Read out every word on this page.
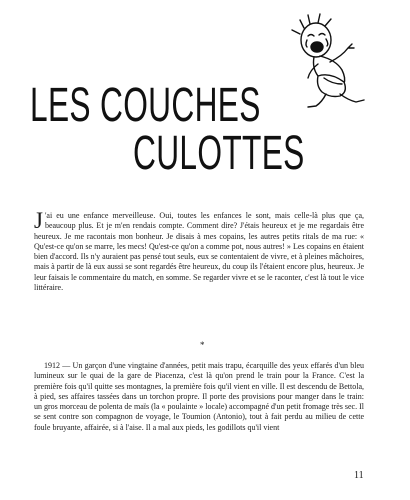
LES COUCHES
CULOTTES

J 'ai eu une enfance merveilleuse. Oui, toutes les enfances le sont, mais celle-là plus que ça, beaucoup plus. Et je m'en rendais compte. Comment dire? J'étais heureux et je me regardais être heureux. Je me racontais mon bonheur. Je disais à mes copains, les autres petits ritals de ma rue: « Qu'est-ce qu'on se marre, les mecs! Qu'est-ce qu'on a comme pot, nous autres! » Les copains en étaient bien d'accord. Ils n'y auraient pas pensé tout seuls, eux se contentaient de vivre, et à pleines mâchoires, mais à partir de là eux aussi se sont regardés être heureux, du coup ils l'étaient encore plus, heureux. Je leur faisais le commentaire du match, en somme. Se regarder vivre et se le raconter, c'est là tout le vice littéraire.

*

1912 — Un garçon d'une vingtaine d'années, petit mais trapu, écarquille des yeux effarés d'un bleu lumineux sur le quai de la gare de Piacenza, c'est là qu'on prend le train pour la France. C'est la première fois qu'il quitte ses montagnes, la première fois qu'il vient en ville. Il est descendu de Bettola, à pied, ses affaires tassées dans un torchon propre. Il porte des provisions pour manger dans le train: un gros morceau de polenta de maïs (la « poulainte » locale) accompagné d'un petit fromage très sec. Il se sent contre son compagnon de voyage, le Toumion (Antonio), tout à fait perdu au milieu de cette foule bruyante, affairée, si à l'aise. Il a mal aux pieds, les godillots qu'il vient

11
